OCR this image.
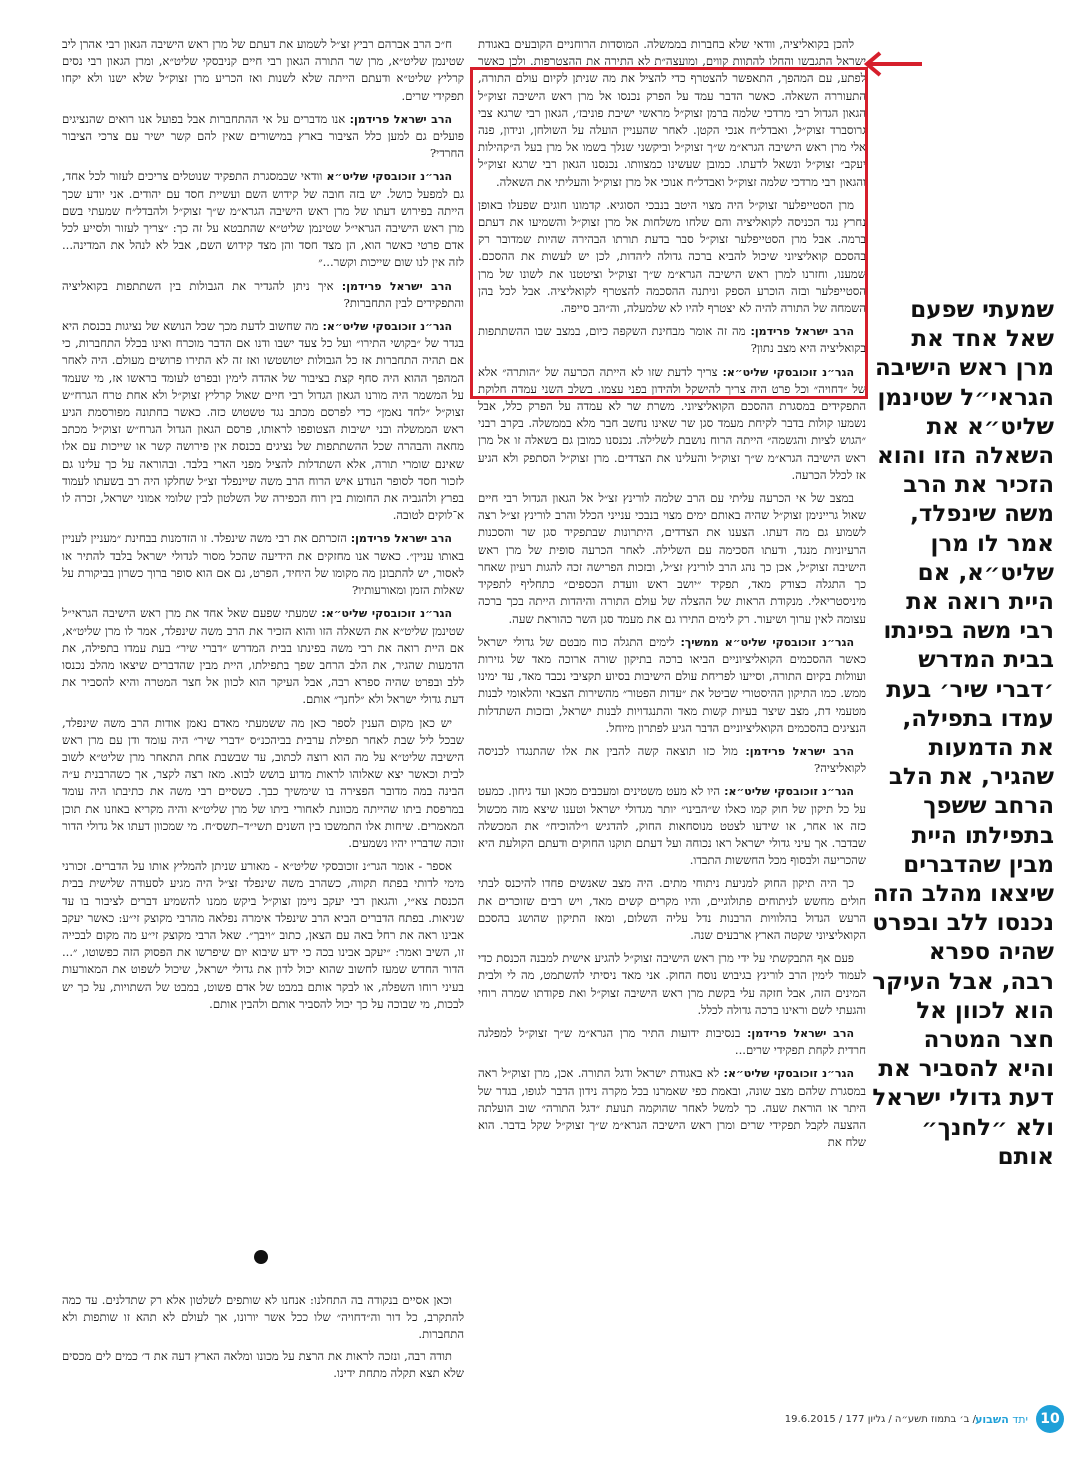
להכן בקואליציה, וודאי שלא בחברות בממשלה. המוסדות הרוחניים הקובעים באגודת ישראל התגבשו והחלו להתוות קווים, ומועצה״ת לא התירה את ההצטרפות. ולכן כאשר לפתע, עם המהפך, התאפשר להצטרף כדי להציל את מה שניתן לקיום עולם התורה, התעוררה השאלה. כאשר הדבר עמד על הפרק נכנסו אל מרן ראש הישיבה זצוק״ל הגאון הגדול רבי מרדכי שלמה ברמן זצוק״ל מראשי ישיבת פוניבז׳, הגאון רבי שרגא צבי גרוסברד זצוק״ל, ואבדל״ח אנכי הקטן. לאחר שהעניין הועלה על השולחן, ונידון, פנה אלי מרן ראש הישיבה הגרא״מ ש״ך זצוק״ל וביקשני שנלך בשמו אל מרן בעל ה״קהילות יעקב״ זצוק״ל ונשאל לדעתו. כמובן שעשינו כמצוותו. נכנסנו הגאון רבי שרגא זצוק״ל והגאון רבי מרדכי שלמה זצוק״ל ואבדל״ח אנוכי אל מרן זצוק״ל והעליתי את השאלה.

מרן הסטייפלער זצוק״ל היה מצוי היטב בנבכי הסוגיא. קדמונו חוגים שפעלו באופן נחרץ נגד הכניסה לקואליציה והם שלחו משלחות אל מרן זצוק״ל והשמיעו את דעתם ברמה. אבל מרן הסטייפלער זצוק״ל סבר בדעת תורתו הבהירה שהיות שמדובר רק בהסכם קואליציוני שיכול להביא ברכה גדולה ליהדות, לכן יש לעשות את ההסכם. שמענו, וחזרנו למרן ראש הישיבה הגרא״מ ש״ך זצוק״ל וציטטנו את לשונו של מרן הסטייפלער ובזה הוכרע הספק וניתנה ההסכמה להצטרף לקואליציה. אבל לכל בהן השמחה של התורה להיה לא יצטרף להיו לא שלמעלה, וה״הב סייפה.

הרב ישראל פרידמן: מה זה אומר מבחינת השקפה כיום, במצב שבו ההשתתפות בקואליציה היא מצב נתון?

הגר״נ זוכובסקי שליט״א: צריך לדעת שזו לא הייתה הכרעה של ״הותרה״ אלא של ״דחויה״ וכל פרט היה צריך להישקל ולהידון בפני עצמו. בשלב השני עמדה חלוקת התפקידים במסגרת ההסכם הקואליציוני. משרת שר לא עמדה על הפרק כלל, אבל נשמעו קולות בדבר לקיחת מעמד סגן שר שאינו נחשב חבר מלא בממשלה. בקרב רבני ״הגוש לציות והגשמה״ הייתה הרוח נושבת לשלילה. נכנסנו כמובן גם בשאלה זו אל מרן ראש הישיבה הגרא״מ ש״ך זצוק״ל והעלינו את הצדדים. מרן זצוק״ל הסתפק ולא הגיע אז לכלל הכרעה.

במצב של אי הכרעה עליתי עם הרב שלמה לורינץ זצ״ל אל הגאון הגדול רבי חיים שאול גריינימן זצוק״ל שהיה באותם ימים מצוי בנבכי ענייני הכלל והרב לורינץ זצ״ל רצה לשמוע גם מה דעתו. הצענו את הצדדים, היתרונות שבתפקיד סגן שר והסכנות הרעיוניות מנגד, ודעתו הסכימה עם השלילה. לאחר הכרעה סופית של מרן ראש הישיבה זצוק״ל, אכן כך נהג הרב לורינץ זצ״ל, ובזכות הפרישה זכה להגות רעיון שאחר כך התגלה כצודק מאד, תפקיד ״יושב ראש וועדת הכספים״ כתחליף לתפקיד מיניסטריאלי. מנקודת הראות של ההצלה של עולם התורה והיהדות הייתה בכך ברכה עצומה לאין ערוך ושיעור. רק לימים התירו גם את מעמד סגן השר כהוראת שעה.

הגר״נ זוכובסקי שליט״א ממשיך: לימים התגלה כוח מבטם של גדולי ישראל כאשר ההסכמים הקואליציוניים הביאו ברכה בתיקון שורה ארוכה מאד של גזירות ועוולות בקיום התורה, וסייעו לפריחת עולם הישיבות בסיוע תקציבי נכבד מאד, עד ימינו ממש. כמו התיקון ההיסטורי שביטל את ״עדות הפטור״ מהשירות הצבאי והלאומי לבנות מטעמי דת, מצב שיצר בעיות קשות מאד והתנגדויות לבנות ישראל, ובזכות השתדלות הנציגים בהסכמים הקואליציוניים הדבר הגיע לפתרון מיוחל.

הרב ישראל פרידמן: מול כזו תוצאה קשה להבין את אלו שהתנגדו לכניסה לקואליציה?

הגר״נ זוכובסקי שליט״א: היו לא מעט משטינים ומעכבים מכאן ועד גיחון. כמעט על כל תיקון של חוק קמו כאלו ש״הבינו״ יותר מגדולי ישראל וטענו שיצא מזה מכשול כזה או אחר, או שידעו לצטט מנוסחאות החוק, להדגיש ו״להוכיח״ את המכשלה שבדבר. אך עיני גדולי ישראל ראו נכוחה ועל דעתם תוקנו החוקים ודעתם הקולעת היא שהכריעה ולבסוף מכל החששות התבדו.

כך היה תיקון החוק למניעת ניתוחי מתים. היה מצב שאנשים פחדו להיכנס לבתי חולים מחשש לניתוחים פתולוגיים, והיו מקרים קשים מאד, ויש רבים שזוכרים את הרעש הגדול בהלוויות הרבנות נדל עליה השלום, ומאז התיקון שהושג בהסכם הקואליציוני שקטה הארץ ארבעים שנה.

פעם אף התבקשתי על ידי מרן ראש הישיבה זצוק״ל להגיע אישית למבנה הכנסת כדי לעמוד לימין הרב לורינץ בגיבוש נוסח החוק. אני מאד ניסיתי להשתמט, מה לי ולבית המינים הזה, אבל חזקה עלי בקשת מרן ראש הישיבה זצוק״ל ואת פקודתו שמרה רוחי והגעתי לשם וראינו ברכה גדולה לכלל.

הרב ישראל פרידמן: בנסיבות ידועות התיר מרן הגרא״מ ש״ך זצוק״ל למפלגה חרדית לקחת תפקידי שרים...

הגר״נ זוכובסקי שליט״א: לא באגודת ישראל ודגל התורה. אכן, מרן זצוק״ל ראה במסגרת שלהם מצב שונה, ובאמת כפי שאמרנו בכל מקרה נידון הדבר לגופו, בגדר של היתר או הוראת שעה. כך למשל לאחר שהוקמה תנועת ״דגל התורה״ שוב הועלתה ההצעה לקבל תפקידי שרים ומרן ראש הישיבה הגרא״מ ש״ך זצוק״ל שקל בדבר. הוא שלח את

ח״כ הרב אברהם רביץ זצ״ל לשמוע את דעתם של מרן ראש הישיבה הגאון רבי אהרן ליב שטינמן שליט״א, מרן שר התורה הגאון רבי חיים קניבסקי שליט״א, ומרן הגאון רבי נסים קרליץ שליט״א ודעתם הייתה שלא לשנות ואז הכריע מרן זצוק״ל שלא ישנו ולא יקחו תפקידי שרים.

הרב ישראל פרידמן: אנו מדברים על אי ההתחברות אבל בפועל אנו רואים שהנציגים פועלים גם למען כלל הציבור בארץ במישורים שאין להם קשר ישיר עם צרכי הציבור החרדי?

הגר״נ זוכובסקי שליט״א וודאי שבמסגרת התפקיד שנוטלים צריכים לעזור לכל אחד, גם למפעל כושל. יש בזה חובה של קידוש השם ועשיית חסד עם יהודים. אני יודע שכך הייתה בפירוש דעתו של מרן ראש הישיבה הגרא״מ ש״ך זצוק״ל ולהבדל״ח שמעתי בשם מרן ראש הישיבה הגראי״ל שטינמן שליט״א שהתבטא על זה כך: ״צריך לעזור ולסייע לכל אדם פרטי כאשר הוא, הן מצד חסד והן מצד קידוש השם, אבל לא לנהל את המדינה... לזה אין לנו שום שייכות וקשר...״

הרב ישראל פרידמן: איך ניתן להגדיר את הגבולות בין השתתפות בקואליציה והתפקידים לבין התחברות?

הגר״נ זוכובסקי שליט״א: מה שחשוב לדעת מכך שכל הנושא של נציגות בכנסת היא בגדר של ״בקושי התירו״ ועל כל צעד ישבו ודנו אם הדבר מוכרח ואינו בכלל התחברות, כי אם תהיה התחברות אז כל הגבולות יטושטשו ואז זה לא התירו פרושים מעולם. היה לאחר המהפך ההוא היה סחף קצת בציבור של אהדה לימין ובפרט לעומד בראשו אז, מי שעמד על המשמר היה מורנו הגאון הגדול רבי חיים שאול קרליץ זצוק״ל ולא אחת טרח הגרח״ש זצוק״ל ״לחד נאמן״ כדי לפרסם מכתב נגד טשטוש כזה. כאשר בחתונה מפורסמת הגיע ראש הממשלה ובני ישיבות הצטופפו לראותו, פרסם הגאון הגדול הגרח״ש זצוק״ל מכתב מחאה והבהרה שכל ההשתתפות של נציגים בכנסת אין פירושה קשר או שייכות עם אלו שאינם שומרי תורה, אלא השתדלות להציל מפני הארי בלבד. ובהוראה על כך עלינו גם לזכור חסד לסופר הנודע איש הרוח הרב משה שיינפלד זצ״ל שחלקו היה רב בשעתו לעמוד בפרץ ולהגביה את החומות בין רוח הכפירה של השלטון לבין שלומי אמוני ישראל, זכרה לו א־לוקים לטובה.

הרב ישראל פרידמן: הזכרתם את רבי משה שינפלד. זו הזדמנות בבחינת ״מעניין לעניין באותו עניין״. כאשר אנו מחזקים את הידיעה שהכל מסור לגדולי ישראל בלבד להתיר או לאסור, יש להתבונן מה מקומו של היחיד, הפרט, גם אם הוא סופר ברוך כשרון בביקורת על שאלות הזמן ומאורעותיו?

הגר״נ זוכובסקי שליט״א: שמעתי שפעם שאל אחד את מרן ראש הישיבה הגראי״ל שטינמן שליט״א את השאלה הזו והוא הזכיר את הרב משה שינפלד, אמר לו מרן שליט״א, אם היית רואה את רבי משה בפינתו בבית המדרש ״דברי שיר״ בעת עמדו בתפילה, את הדמעות שהגיר, את הלב הרחב שפך בתפילתו, היית מבין שהדברים שיצאו מהלב נכנסו ללב ובפרט שהיה ספרא רבה, אבל העיקר הוא לכוון אל חצר המטרה והיא להסביר את דעת גדולי ישראל ולא ״לחנך״ אותם.

יש כאן מקום הענין לספר כאן מה ששמעתי מאדם נאמן אודות הרב משה שינפלד, שבכל ליל שבת לאחר תפילת ערבית בביהכנ״ס ״דברי שיר״ היה עומד ודן עם מרן ראש הישיבה שליט״א על מה הוא רוצה לכתוב, עד שבשבת אחת התאחר מרן שליט״א לשוב לבית וכאשר יצא שאלוהו לראות מדוע בושש לבוא. מאז רצה לקצר, אך כשהרבנית ע״ה הבינה במה מדובר הפצירה בו שימשיך כבך. כשסיים רבי משה את כתיבתו היה עומד במרפסת ביתו שהייתה מכוונת לאחורי ביתו של מרן שליט״א והיה מקריא באוזנו את תוכן המאמרים. שיחות אלו התמשכו בין השנים תשי״ד–תשס״ח. מי שמכוון דעתו אל גדולי הדור זוכה שדבריו יהיו נשמעים.

אספר - אומר הגר״נ זוכובסקי שליט״א - מאורע שניתן להמליץ אותו על הדברים. זכורני מימי לדותי בפתח תקווה, כשהרב משה שינפלד זצ״ל היה מגיע לסעודה שלישית בבית הכנסת צא״י, והגאון רבי יעקב ניימן זצוק״ל ביקש ממנו להשמיע דברים לציבור בו עד שניאות. בפתח הדברים הביא הרב שינפלד אימרה נפלאה מהרבי מקוצק זי״ע: כאשר יעקב אבינו ראה את רחל באה עם הצאן, כתוב ״ויבך״. שאל הרבי מקוצק זי״ע מה מקום לבכייה זו, השיב ואמר: ״יעקב אבינו בכה כי ידע שיבוא יום שיפרשו את הפסוק הזה כפשוטו, ״... הדור החדש שמעז לחשוב שהוא יכול לדון את גדולי ישראל, שיכול לשפוט את המאורעות בעיני רוחו השפלה, או לבקר אותם במבט של אדם פשוט, במבט של השתויות, על כך יש לבכות, מי שבוכה על כך יכול להסביר אותם ולהבין אותם.

וכאן אסיים בנקודה בה התחלנו: אנחנו לא שותפים לשלטון אלא רק שתדלנים. עד כמה להתקרב, כל דור וה״דחויה״ שלו ככל אשר יורונו, אך לעולם לא תהא זו שותפות ולא התחברות.

תודה רבה, ונזכה לראות את הרצת על מכונו ומלאה הארץ דעה את ד׳ כמים לים מכסים שלא תצא תקלה מתחת ידינו.

שמעתי שפעם שאל אחד את מרן ראש הישיבה הגראי״ל שטינמן שליט״א את השאלה הזו והוא הזכיר את הרב משה שינפלד, אמר לו מרן שליט״א, אם היית רואה את רבי משה בפינתו בבית המדרש ׳דברי שיר׳ בעת עמדו בתפילה, את הדמעות שהגיר, את הלב הרחב ששפך בתפילתו היית מבין שהדברים שיצאו מהלב הזה נכנסו ללב ובפרט שהיה ספרא רבה, אבל העיקר הוא לכוון אל חצר המטרה והיא להסביר את דעת גדולי ישראל ולא ״לחנך״ אותם
10
יתד השבוע
/ ב׳ בתמוז תשע״ה / גליון 177 / 19.6.2015
